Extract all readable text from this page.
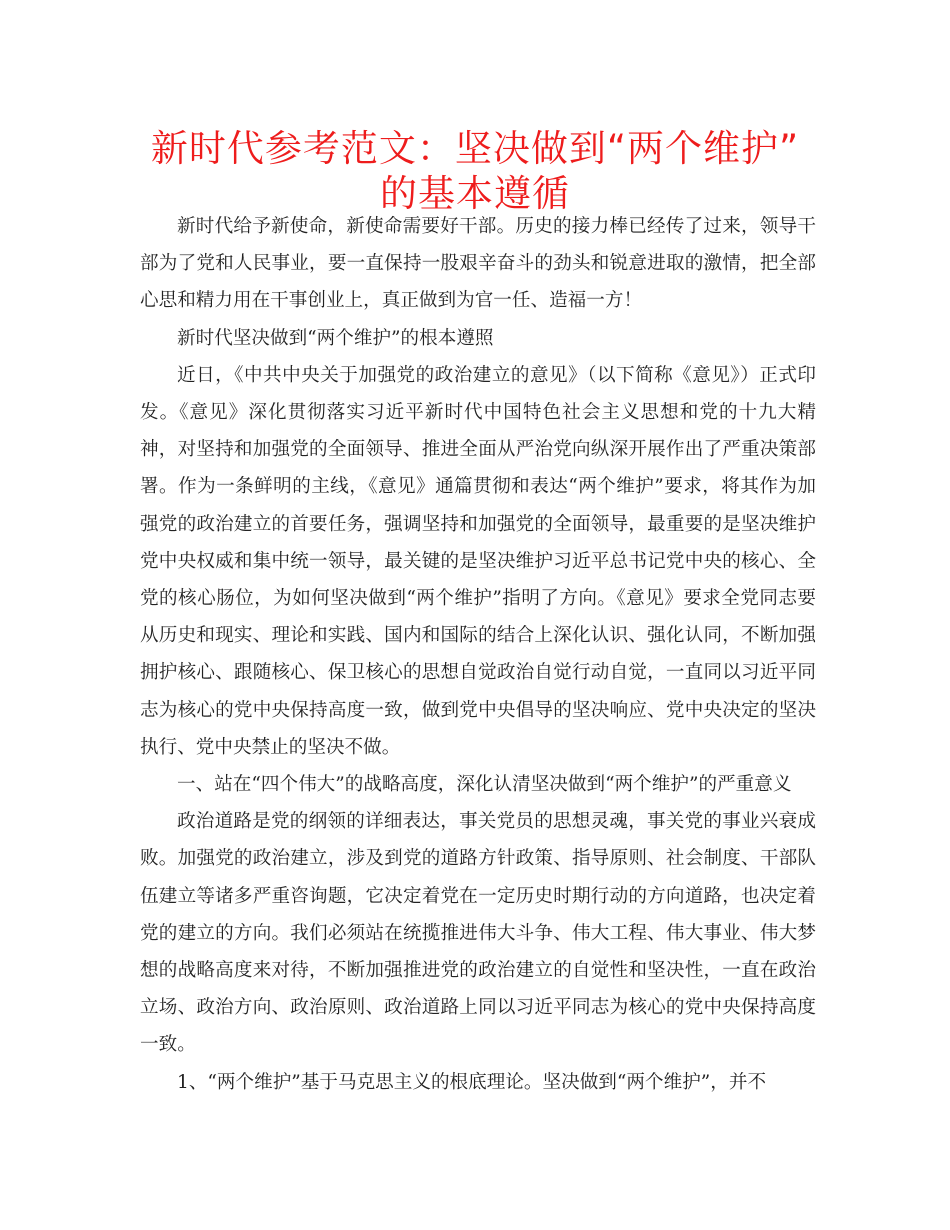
新时代参考范文：坚决做到“两个维护”
的基本遵循

新时代给予新使命，新使命需要好干部。历史的接力棒已经传了过来，领导干部为了党和人民事业，要一直保持一股艰辛奋斗的劲头和锐意进取的激情，把全部心思和精力用在干事创业上，真正做到为官一任、造福一方！

新时代坚决做到“两个维护”的根本遵照

近日，《中共中央关于加强党的政治建立的意见》（以下简称《意见》）正式印发。《意见》深化贯彻落实习近平新时代中国特色社会主义思想和党的十九大精神，对坚持和加强党的全面领导、推进全面从严治党向纵深开展作出了严重决策部署。作为一条鲜明的主线，《意见》通篇贯彻和表达“两个维护”要求，将其作为加强党的政治建立的首要任务，强调坚持和加强党的全面领导，最重要的是坚决维护党中央权威和集中统一领导，最关键的是坚决维护习近平总书记党中央的核心、全党的核心肠位，为如何坚决做到“两个维护”指明了方向。《意见》要求全党同志要从历史和现实、理论和实践、国内和国际的结合上深化认识、强化认同，不断加强拥护核心、跟随核心、保卫核心的思想自觉政治自觉行动自觉，一直同以习近平同志为核心的党中央保持高度一致，做到党中央倡导的坚决响应、党中央决定的坚决执行、党中央禁止的坚决不做。

一、站在“四个伟大”的战略高度，深化认清坚决做到“两个维护”的严重意义

政治道路是党的纲领的详细表达，事关党员的思想灵魂，事关党的事业兴衰成败。加强党的政治建立，涉及到党的道路方针政策、指导原则、社会制度、干部队伍建立等诸多严重咨询题，它决定着党在一定历史时期行动的方向道路，也决定着党的建立的方向。我们必须站在统揽推进伟大斗争、伟大工程、伟大事业、伟大梦想的战略高度来对待，不断加强推进党的政治建立的自觉性和坚决性，一直在政治立场、政治方向、政治原则、政治道路上同以习近平同志为核心的党中央保持高度一致。

1、“两个维护”基于马克思主义的根底理论。坚决做到“两个维护”，并不
